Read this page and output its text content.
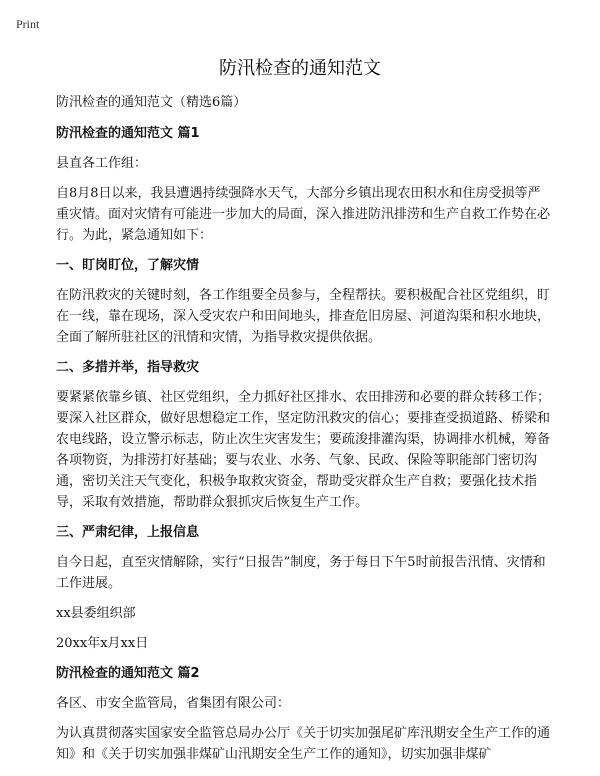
Print
防汛检查的通知范文

防汛检查的通知范文（精选6篇）

防汛检查的通知范文 篇1

县直各工作组：

自8月8日以来，我县遭遇持续强降水天气，大部分乡镇出现农田积水和住房受损等严重灾情。面对灾情有可能进一步加大的局面，深入推进防汛排涝和生产自救工作势在必行。为此，紧急通知如下：

一、盯岗盯位，了解灾情

在防汛救灾的关键时刻，各工作组要全员参与，全程帮扶。要积极配合社区党组织，盯在一线，靠在现场，深入受灾农户和田间地头，排查危旧房屋、河道沟渠和积水地块，全面了解所驻社区的汛情和灾情，为指导救灾提供依据。

二、多措并举，指导救灾

要紧紧依靠乡镇、社区党组织，全力抓好社区排水、农田排涝和必要的群众转移工作；要深入社区群众，做好思想稳定工作，坚定防汛救灾的信心；要排查受损道路、桥梁和农电线路，设立警示标志，防止次生灾害发生；要疏浚排灌沟渠，协调排水机械，筹备各项物资，为排涝打好基础；要与农业、水务、气象、民政、保险等职能部门密切沟通，密切关注天气变化，积极争取救灾资金，帮助受灾群众生产自救；要强化技术指导，采取有效措施，帮助群众狠抓灾后恢复生产工作。

三、严肃纪律，上报信息

自今日起，直至灾情解除，实行“日报告”制度，务于每日下午5时前报告汛情、灾情和工作进展。

xx县委组织部

20xx年x月xx日

防汛检查的通知范文 篇2

各区、市安全监管局，省集团有限公司：

为认真贯彻落实国家安全监管总局办公厅《关于切实加强尾矿库汛期安全生产工作的通知》和《关于切实加强非煤矿山汛期安全生产工作的通知》，切实加强非煤矿
